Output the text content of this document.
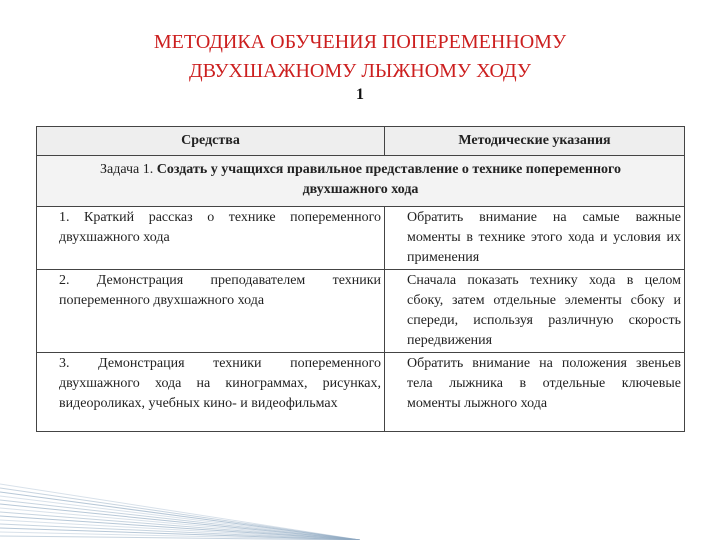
МЕТОДИКА ОБУЧЕНИЯ ПОПЕРЕМЕННОМУ
ДВУХШАЖНОМУ ЛЫЖНОМУ ХОДУ
1
Средства	Методические указания
Задача 1. Создать у учащихся правильное представление о технике попеременного двухшажного хода	
1. Краткий рассказ о технике попеременного двухшажного хода	Обратить внимание на самые важные моменты в технике этого хода и условия их применения
2. Демонстрация преподавателем техники попеременного двухшажного хода	Сначала показать технику хода в целом сбоку, затем отдельные элементы сбоку и спереди, используя различную скорость передвижения
3. Демонстрация техники попеременного двухшажного хода на кинограммах, рисунках, видеороликах, учебных кино- и видеофильмах	Обратить внимание на положения звеньев тела лыжника в отдельные ключевые моменты лыжного хода
